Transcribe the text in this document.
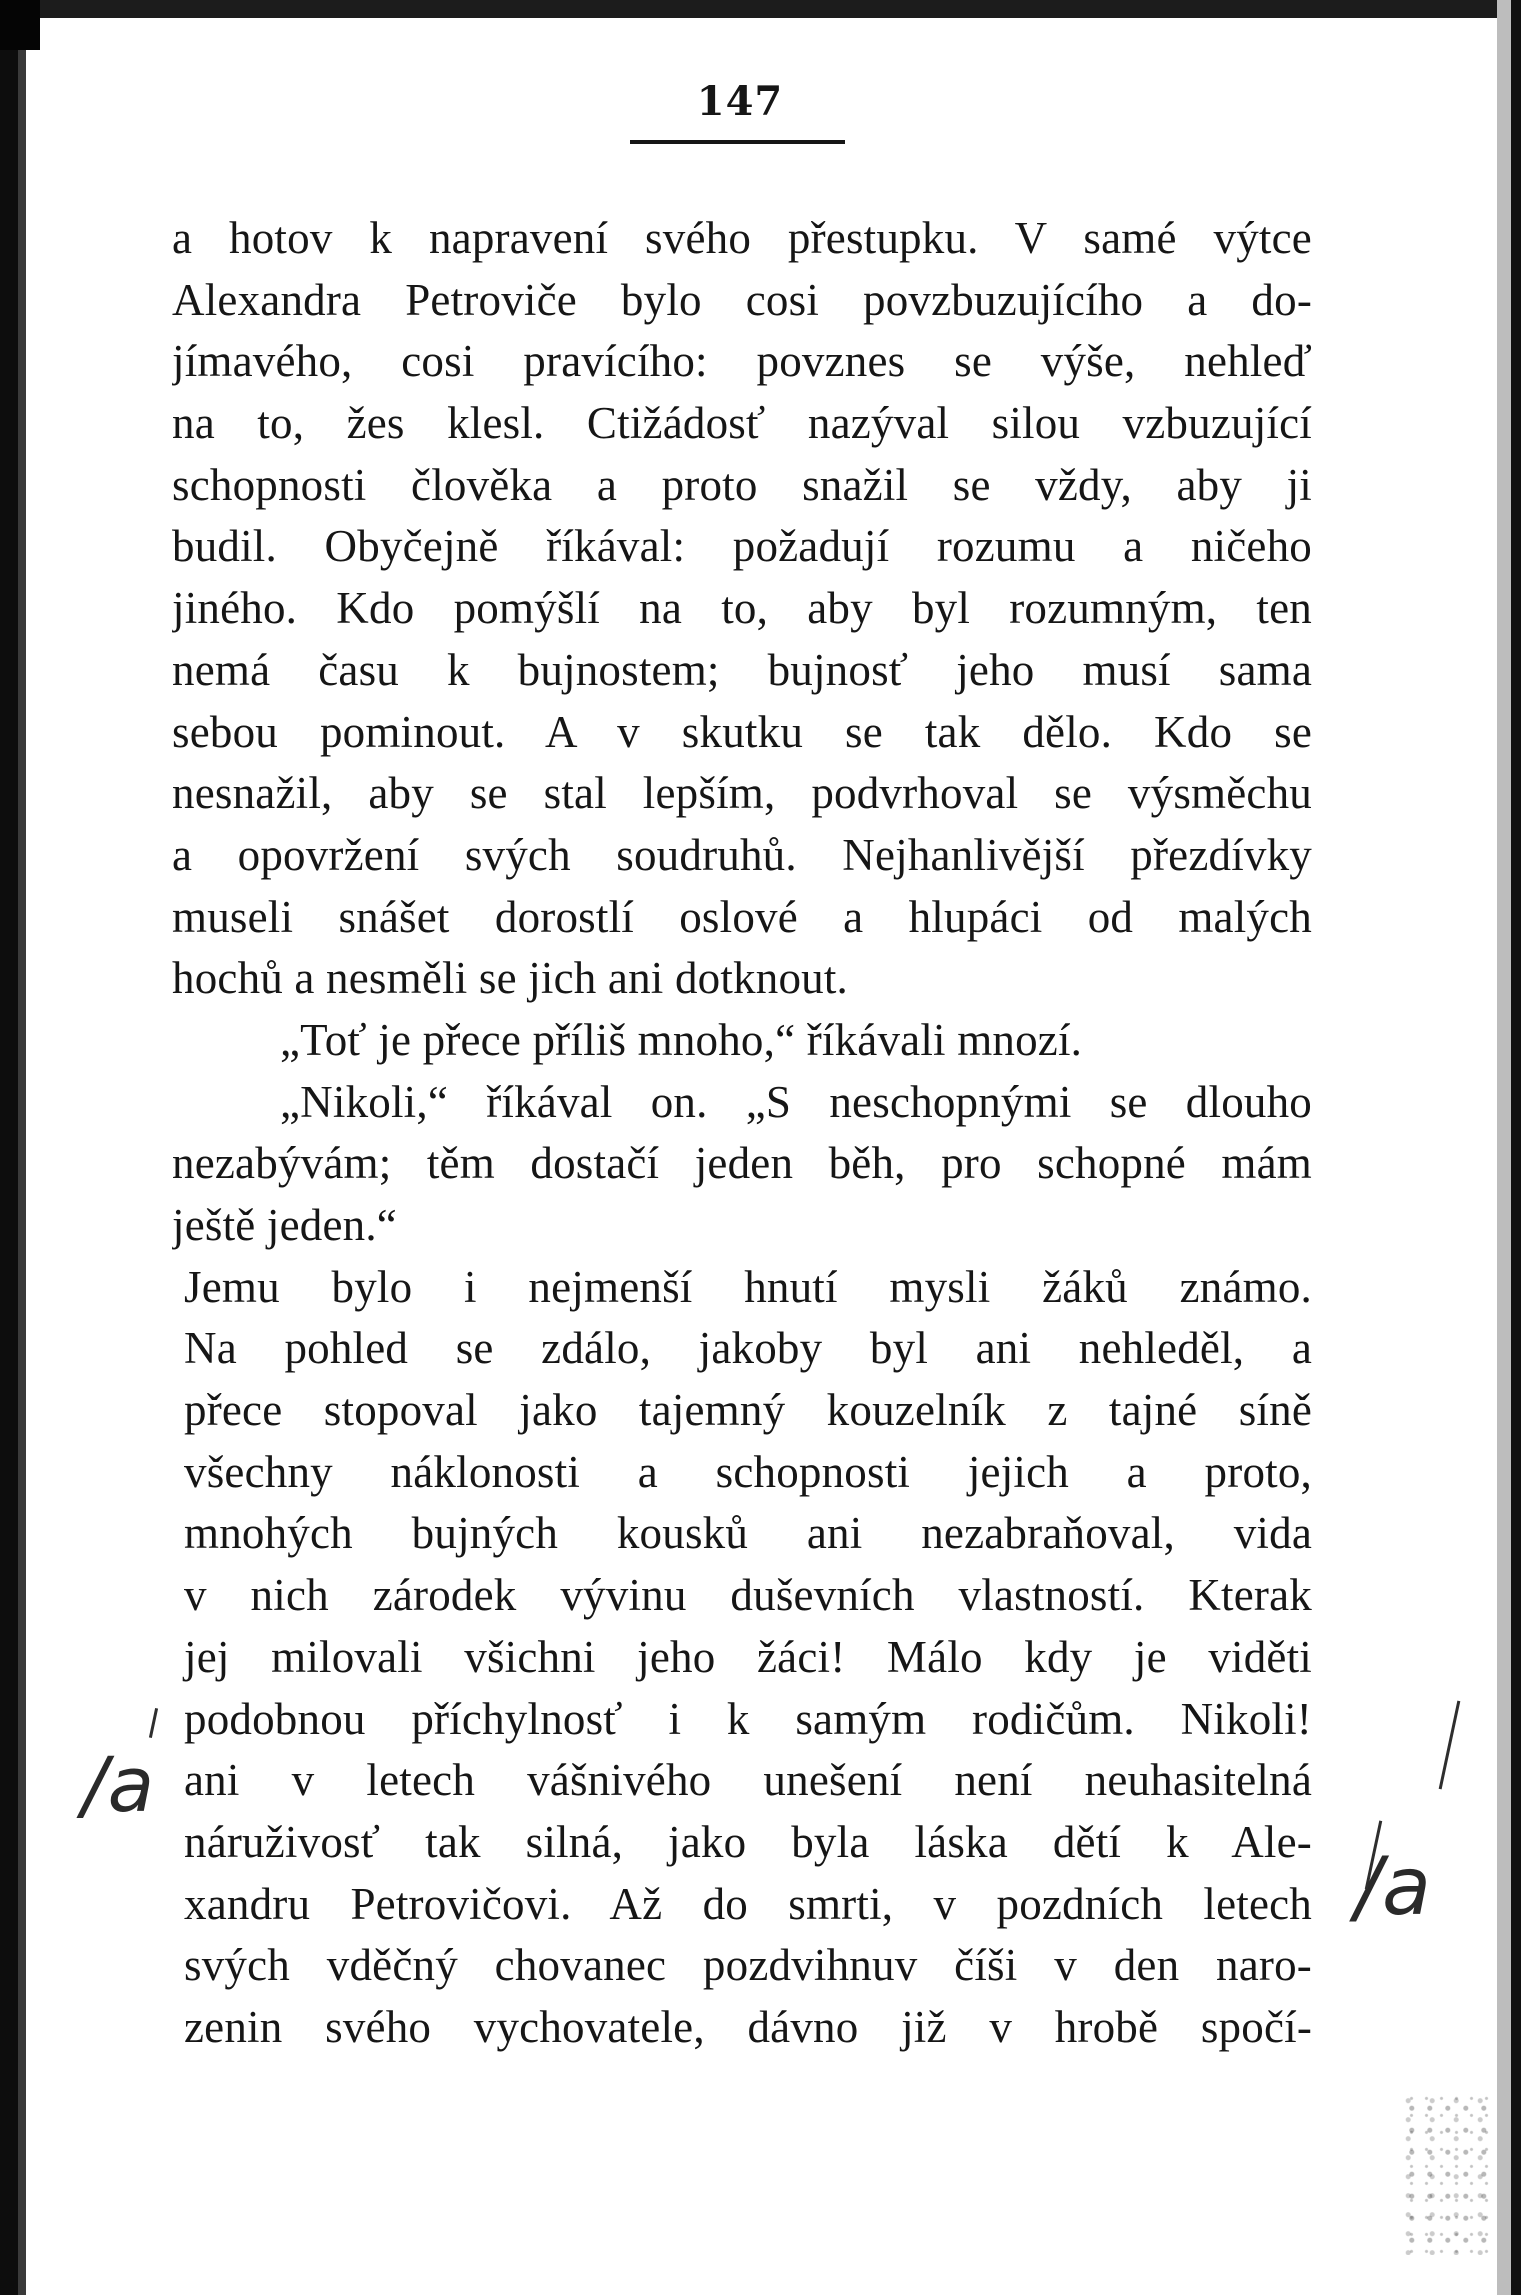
147
a hotov k napravení svého přestupku. V samé výtce
Alexandra Petroviče bylo cosi povzbuzujícího a do-
jímavého, cosi pravícího: povznes se výše, nehleď
na to, žes klesl. Ctižádosť nazýval silou vzbuzující
schopnosti člověka a proto snažil se vždy, aby ji
budil. Obyčejně říkával: požadují rozumu a ničeho
jiného. Kdo pomýšlí na to, aby byl rozumným, ten
nemá času k bujnostem; bujnosť jeho musí sama
sebou pominout. A v skutku se tak dělo. Kdo se
nesnažil, aby se stal lepším, podvrhoval se výsměchu
a opovržení svých soudruhů. Nejhanlivější přezdívky
museli snášet dorostlí oslové a hlupáci od malých
hochů a nesměli se jich ani dotknout.
„Toť je přece příliš mnoho,“ říkávali mnozí.
„Nikoli,“ říkával on. „S neschopnými se dlouho
nezabývám; těm dostačí jeden běh, pro schopné mám
ještě jeden.“
Jemu bylo i nejmenší hnutí mysli žáků známo.
Na pohled se zdálo, jakoby byl ani nehleděl, a
přece stopoval jako tajemný kouzelník z tajné síně
všechny náklonosti a schopnosti jejich a proto,
mnohých bujných kousků ani nezabraňoval, vida
v nich zárodek vývinu duševních vlastností. Kterak
jej milovali všichni jeho žáci! Málo kdy je viděti
podobnou příchylnosť i k samým rodičům. Nikoli!
ani v letech vášnivého unešení není neuhasitelná
náruživosť tak silná, jako byla láska dětí k Ale-
xandru Petrovičovi. Až do smrti, v pozdních letech
svých vděčný chovanec pozdvihnuv číši v den naro-
zenin svého vychovatele, dávno již v hrobě spočí-
/a
/a
